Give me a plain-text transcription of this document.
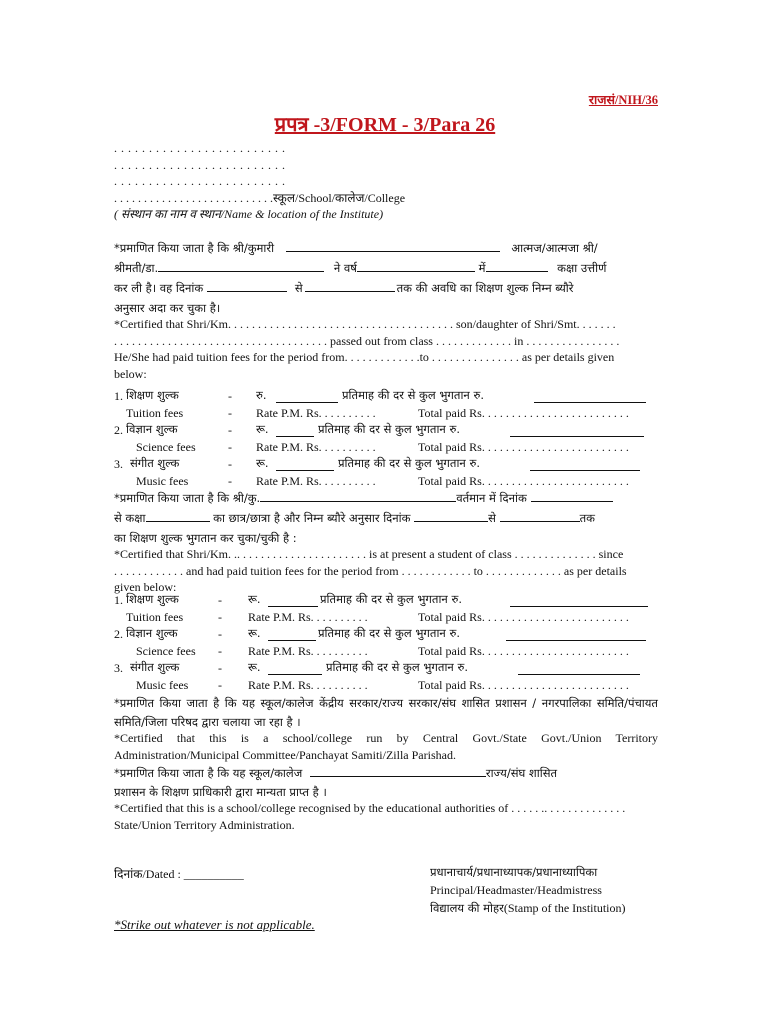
राजसं/NIH/36
प्रपत्र -3/FORM - 3/Para 26
. . . . . . . . . . . . . . . . . . . . . . . . .
. . . . . . . . . . . . . . . . . . . . . . . . .
. . . . . . . . . . . . . . . . . . . . . . . . .
. . . . . . . . . . . . . . . . . . . . . . . . . . .स्कूल/School/कालेज/College
( संस्थान का नाम व स्थान/Name & location of the Institute)
*प्रमाणित किया जाता है कि श्री/कुमारी	आत्मज/आत्मजा श्री/
श्रीमती/डा.	ने वर्ष	में	कक्षा उत्तीर्ण
कर ली है। वह दिनांक	से	तक की अवधि का शिक्षण शुल्क निम्न ब्यौरे
अनुसार अदा कर चुका है।
*Certified that Shri/Km. . . . . . . . . . . . . . . . . . . . . . . . . . . . . . . . . . . . . . son/daughter of Shri/Smt. . . . . . .
. . . . . . . . . . . . . . . . . . . . . . . . . . . . . . . . . . . . passed out from class . . . . . . . . . . . . . in . . . . . . . . . . . . . . . .
He/She had paid tuition fees for the period from. . . . . . . . . . . . .to . . . . . . . . . . . . . . . as per details given
below:
1. शिक्षण शुल्क	- रु.	प्रतिमाह की दर से कुल भुगतान रु.
Tuition fees	- Rate P.M. Rs. . . . . . . . . .	Total paid Rs. . . . . . . . . . . . . . . . . . . . . . . . .
2. विज्ञान शुल्क	- रू.	प्रतिमाह की दर से कुल भुगतान रु.
Science fees	- Rate P.M. Rs. . . . . . . . . .	Total paid Rs. . . . . . . . . . . . . . . . . . . . . . . . .
3. संगीत शुल्क	- रू.	प्रतिमाह की दर से कुल भुगतान रु.
Music fees	- Rate P.M. Rs. . . . . . . . . .	Total paid Rs. . . . . . . . . . . . . . . . . . . . . . . . .
*प्रमाणित किया जाता है कि श्री/कु.	वर्तमान में दिनांक
से कक्षा	का छात्र/छात्रा है और निम्न ब्यौरे अनुसार दिनांक	से	तक
का शिक्षण शुल्क भुगतान कर चुका/चुकी है :
*Certified that Shri/Km. .. . . . . . . . . . . . . . . . . . . . . . is at present a student of class . . . . . . . . . . . . . . since
. . . . . . . . . . . . and had paid tuition fees for the period from . . . . . . . . . . . . to . . . . . . . . . . . . . as per details
given below:
1. शिक्षण शुल्क	- रू.	प्रतिमाह की दर से कुल भुगतान रु.
Tuition fees	- Rate P.M. Rs. . . . . . . . . .	Total paid Rs. . . . . . . . . . . . . . . . . . . . . . . . .
2. विज्ञान शुल्क	- रू.	प्रतिमाह की दर से कुल भुगतान रु.
Science fees - Rate P.M. Rs. . . . . . . . . .	Total paid Rs. . . . . . . . . . . . . . . . . . . . . . . . .
3. संगीत शुल्क	- रू.	प्रतिमाह की दर से कुल भुगतान रु.
Music fees - Rate P.M. Rs. . . . . . . . . .	Total paid Rs. . . . . . . . . . . . . . . . . . . . . . . . .
*प्रमाणित किया जाता है कि यह स्कूल/कालेज केंद्रीय सरकार/राज्य सरकार/संघ शासित प्रशासन / नगरपालिका समिति/पंचायत समिति/जिला परिषद द्वारा चलाया जा रहा है ।
*Certified that this is a school/college run by Central Govt./State Govt./Union Territory Administration/Municipal Committee/Panchayat Samiti/Zilla Parishad.
*प्रमाणित किया जाता है कि यह स्कूल/कालेज	राज्य/संघ शासित
प्रशासन के शिक्षण प्राधिकारी द्वारा मान्यता प्राप्त है ।
*Certified that this is a school/college recognised by the educational authorities of . . . . . .. . . . . . . . . . . . . . State/Union Territory Administration.
दिनांक/Dated : __________	प्रधानाचार्य/प्रधानाध्यापक/प्रधानाध्यापिका
Principal/Headmaster/Headmistress
विद्यालय की मोहर(Stamp of the Institution)
*Strike out whatever is not applicable.
